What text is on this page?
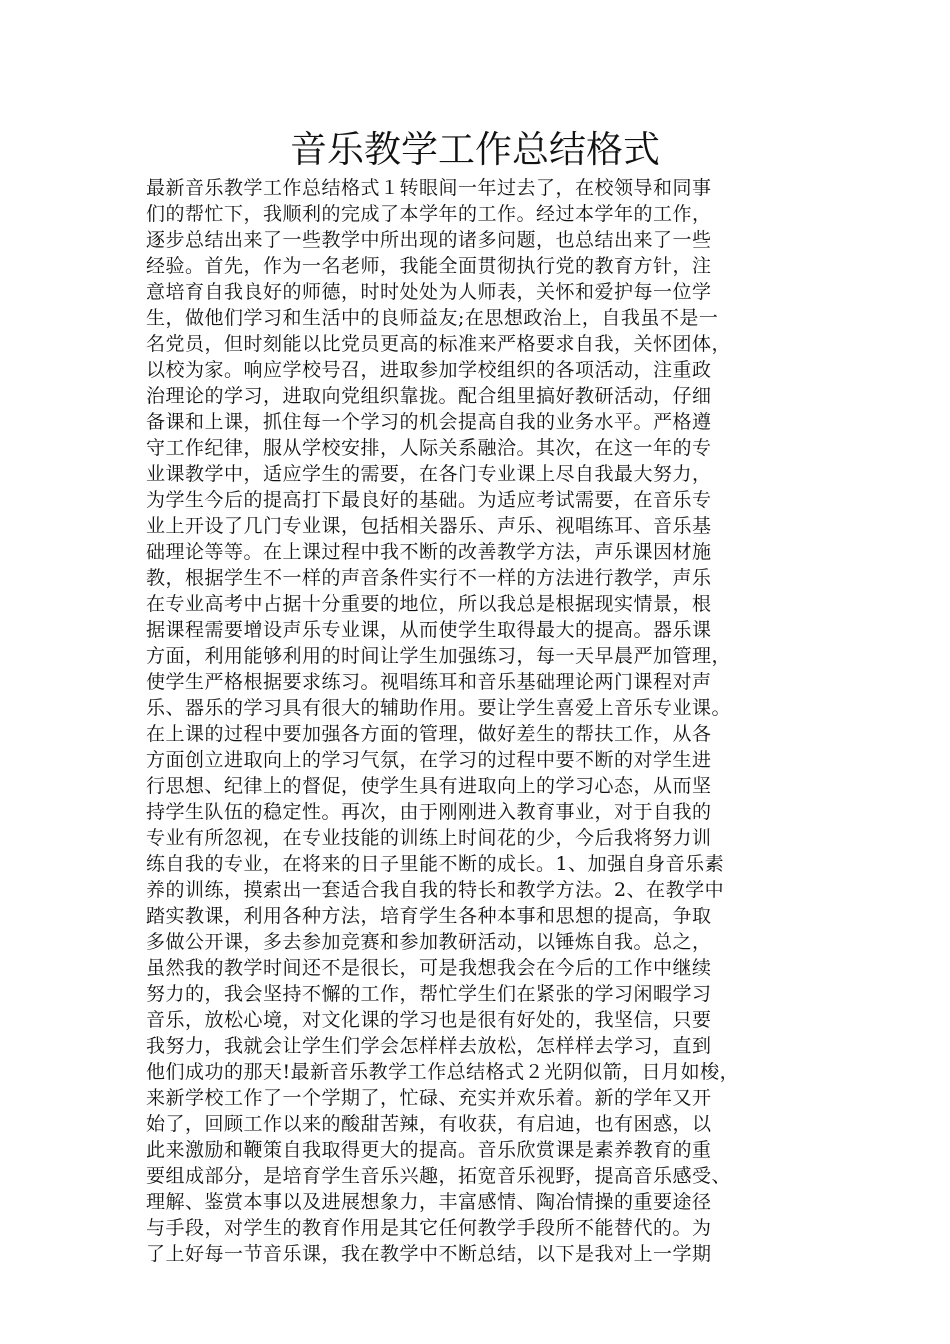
音乐教学工作总结格式
最新音乐教学工作总结格式１转眼间一年过去了，在校领导和同事
们的帮忙下，我顺利的完成了本学年的工作。经过本学年的工作，
逐步总结出来了一些教学中所出现的诸多问题，也总结出来了一些
经验。首先，作为一名老师，我能全面贯彻执行党的教育方针，注
意培育自我良好的师德，时时处处为人师表，关怀和爱护每一位学
生，做他们学习和生活中的良师益友;在思想政治上，自我虽不是一
名党员，但时刻能以比党员更高的标准来严格要求自我，关怀团体，
以校为家。响应学校号召，进取参加学校组织的各项活动，注重政
治理论的学习，进取向党组织靠拢。配合组里搞好教研活动，仔细
备课和上课，抓住每一个学习的机会提高自我的业务水平。严格遵
守工作纪律，服从学校安排，人际关系融洽。其次，在这一年的专
业课教学中，适应学生的需要，在各门专业课上尽自我最大努力，
为学生今后的提高打下最良好的基础。为适应考试需要，在音乐专
业上开设了几门专业课，包括相关器乐、声乐、视唱练耳、音乐基
础理论等等。在上课过程中我不断的改善教学方法，声乐课因材施
教，根据学生不一样的声音条件实行不一样的方法进行教学，声乐
在专业高考中占据十分重要的地位，所以我总是根据现实情景，根
据课程需要增设声乐专业课，从而使学生取得最大的提高。器乐课
方面，利用能够利用的时间让学生加强练习，每一天早晨严加管理，
使学生严格根据要求练习。视唱练耳和音乐基础理论两门课程对声
乐、器乐的学习具有很大的辅助作用。要让学生喜爱上音乐专业课。
在上课的过程中要加强各方面的管理，做好差生的帮扶工作，从各
方面创立进取向上的学习气氛，在学习的过程中要不断的对学生进
行思想、纪律上的督促，使学生具有进取向上的学习心态，从而坚
持学生队伍的稳定性。再次，由于刚刚进入教育事业，对于自我的
专业有所忽视，在专业技能的训练上时间花的少，今后我将努力训
练自我的专业，在将来的日子里能不断的成长。1、加强自身音乐素
养的训练，摸索出一套适合我自我的特长和教学方法。2、在教学中
踏实教课，利用各种方法，培育学生各种本事和思想的提高，争取
多做公开课，多去参加竞赛和参加教研活动，以锤炼自我。总之，
虽然我的教学时间还不是很长，可是我想我会在今后的工作中继续
努力的，我会坚持不懈的工作，帮忙学生们在紧张的学习闲暇学习
音乐，放松心境，对文化课的学习也是很有好处的，我坚信，只要
我努力，我就会让学生们学会怎样样去放松，怎样样去学习，直到
他们成功的那天!最新音乐教学工作总结格式２光阴似箭，日月如梭，
来新学校工作了一个学期了，忙碌、充实并欢乐着。新的学年又开
始了，回顾工作以来的酸甜苦辣，有收获，有启迪，也有困惑，以
此来激励和鞭策自我取得更大的提高。音乐欣赏课是素养教育的重
要组成部分，是培育学生音乐兴趣，拓宽音乐视野，提高音乐感受、
理解、鉴赏本事以及进展想象力，丰富感情、陶冶情操的重要途径
与手段，对学生的教育作用是其它任何教学手段所不能替代的。为
了上好每一节音乐课，我在教学中不断总结，以下是我对上一学期
